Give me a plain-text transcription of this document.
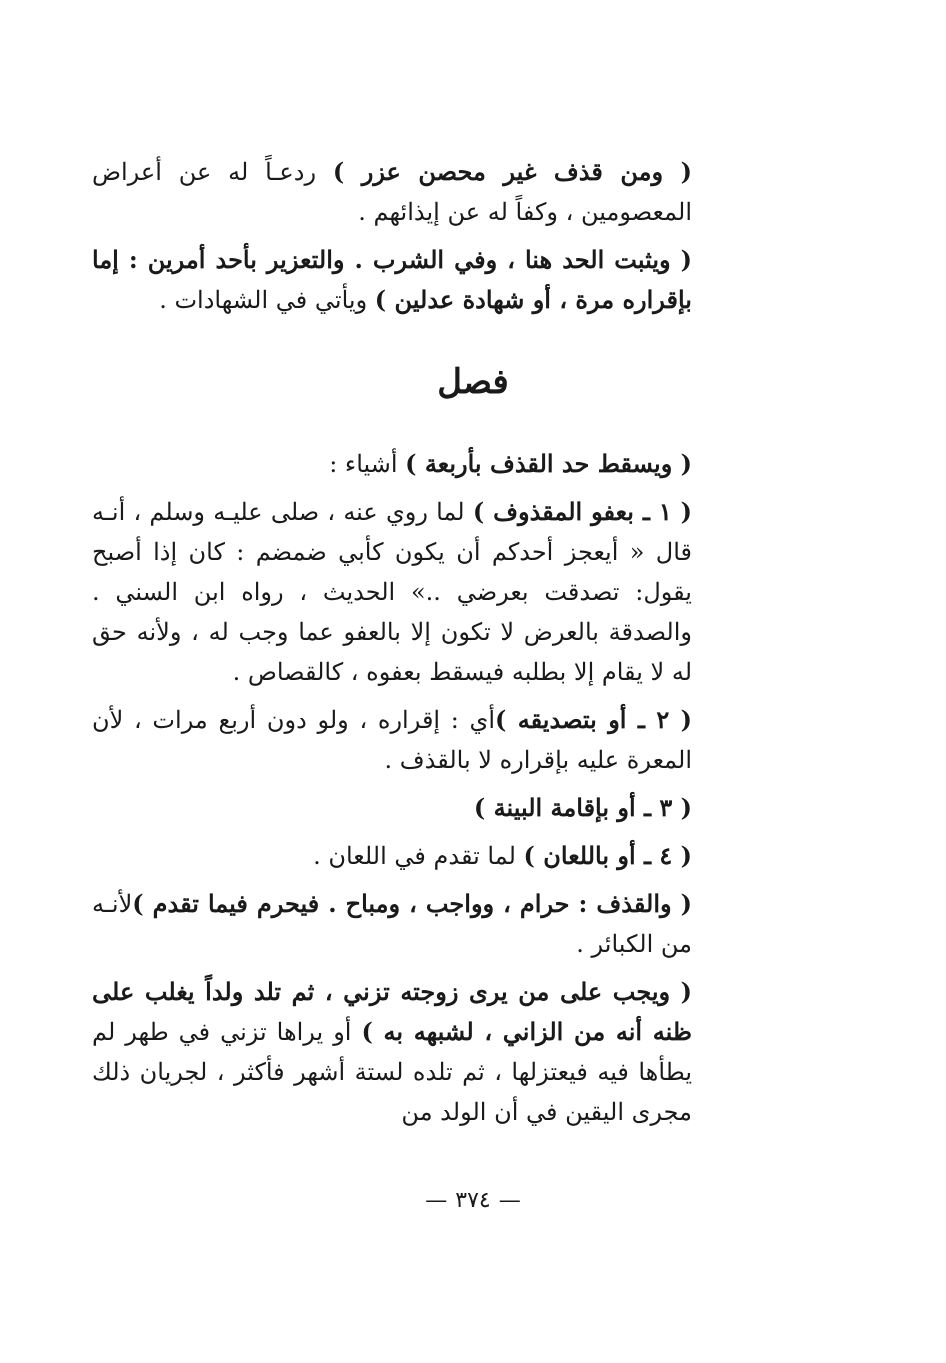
( ومن قذف غير محصن عزر ) ردعـاً له عن أعراض المعصومين ، وكفاً له عن إيذائهم .

( ويثبت الحد هنا ، وفي الشرب . والتعزير بأحد أمرين : إما بإقراره مرة ، أو شهادة عدلين ) ويأتي في الشهادات .

فصل

( ويسقط حد القذف بأربعة ) أشياء :

( ١ ـ بعفو المقذوف ) لما روي عنه ، صلى عليـه وسلم ، أنـه قال « أيعجز أحدكم أن يكون كأبي ضمضم : كان إذا أصبح يقول: تصدقت بعرضي ..» الحديث ، رواه ابن السني . والصدقة بالعرض لا تكون إلا بالعفو عما وجب له ، ولأنه حق له لا يقام إلا بطلبه فيسقط بعفوه ، كالقصاص .

( ٢ ـ أو بتصديقه )أي : إقراره ، ولو دون أربع مرات ، لأن المعرة عليه بإقراره لا بالقذف .

( ٣ ـ أو بإقامة البينة )

( ٤ ـ أو باللعان ) لما تقدم في اللعان .

( والقذف : حرام ، وواجب ، ومباح . فيحرم فيما تقدم )لأنـه من الكبائر .

( ويجب على من يرى زوجته تزني ، ثم تلد ولداً يغلب على ظنه أنه من الزاني ، لشبهه به ) أو يراها تزني في طهر لم يطأها فيه فيعتزلها ، ثم تلده لستة أشهر فأكثر ، لجريان ذلك مجرى اليقين في أن الولد من

—٣٧٤—
